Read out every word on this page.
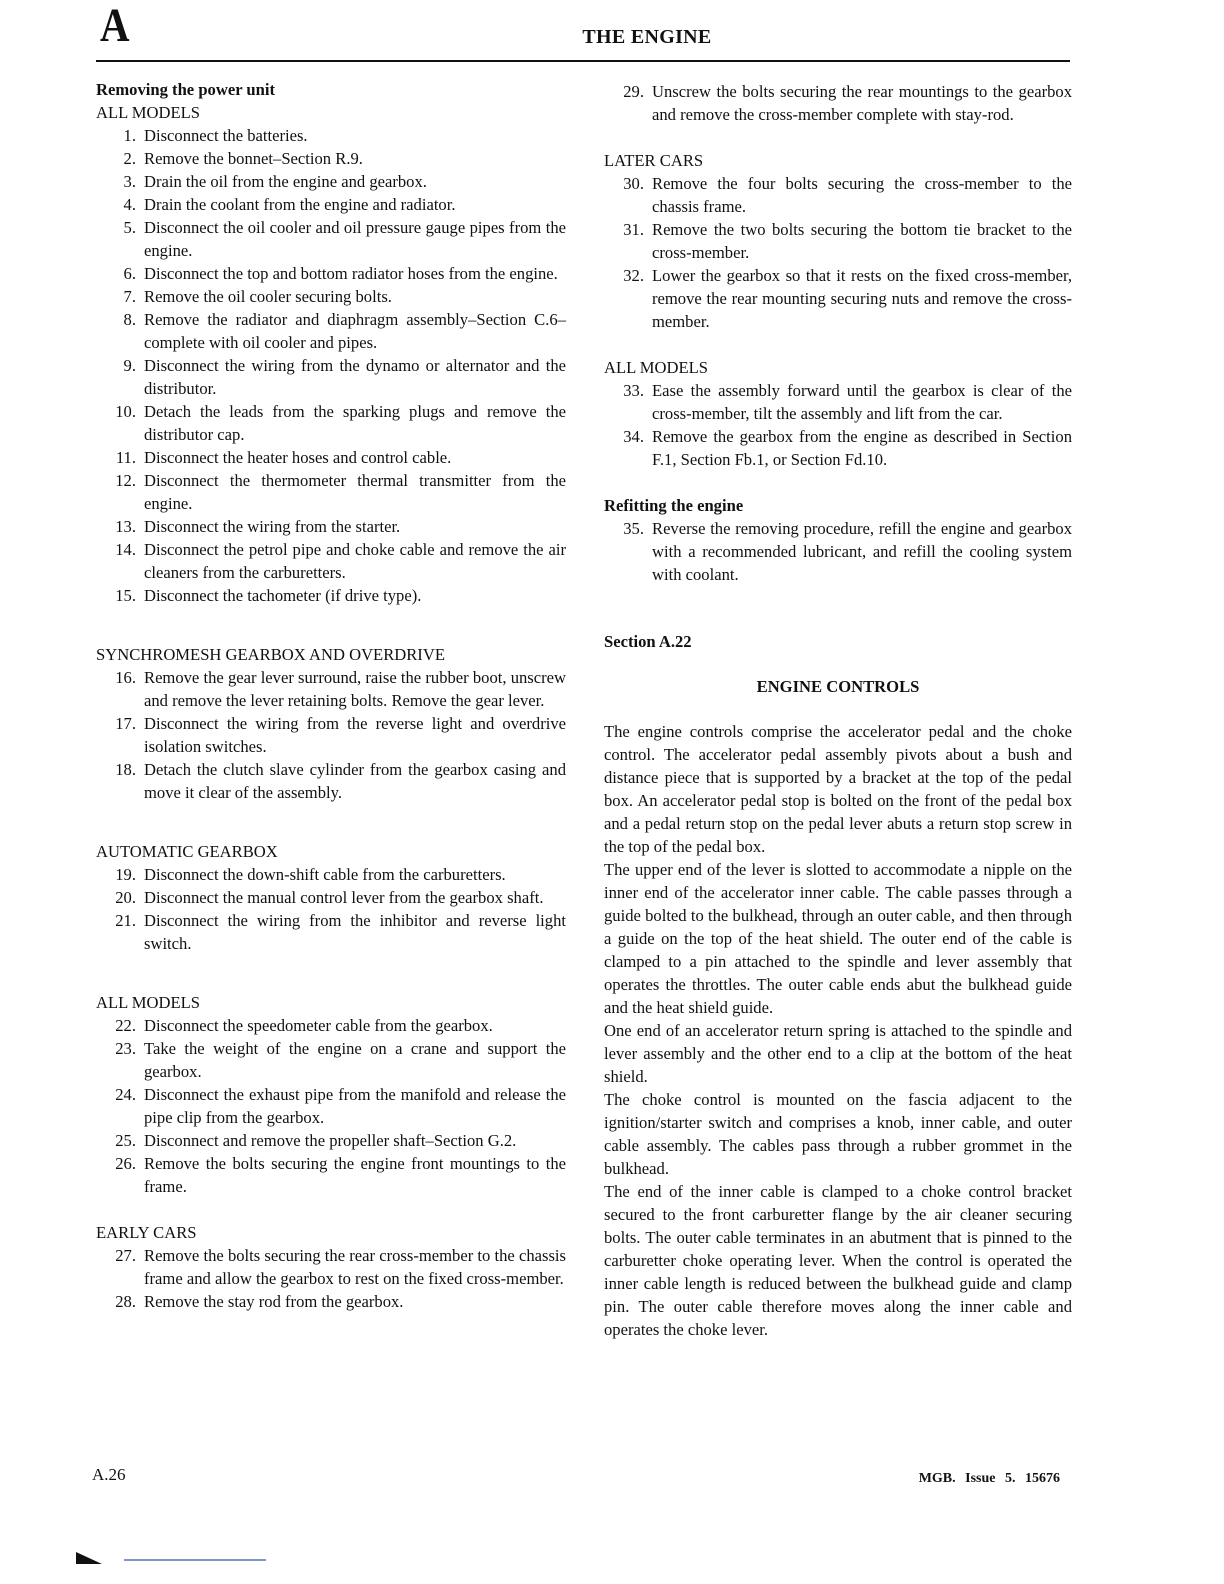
A	THE ENGINE
Removing the power unit
ALL MODELS
1. Disconnect the batteries.
2. Remove the bonnet–Section R.9.
3. Drain the oil from the engine and gearbox.
4. Drain the coolant from the engine and radiator.
5. Disconnect the oil cooler and oil pressure gauge pipes from the engine.
6. Disconnect the top and bottom radiator hoses from the engine.
7. Remove the oil cooler securing bolts.
8. Remove the radiator and diaphragm assembly–Section C.6–complete with oil cooler and pipes.
9. Disconnect the wiring from the dynamo or alternator and the distributor.
10. Detach the leads from the sparking plugs and remove the distributor cap.
11. Disconnect the heater hoses and control cable.
12. Disconnect the thermometer thermal transmitter from the engine.
13. Disconnect the wiring from the starter.
14. Disconnect the petrol pipe and choke cable and remove the air cleaners from the carburetters.
15. Disconnect the tachometer (if drive type).
SYNCHROMESH GEARBOX AND OVERDRIVE
16. Remove the gear lever surround, raise the rubber boot, unscrew and remove the lever retaining bolts. Remove the gear lever.
17. Disconnect the wiring from the reverse light and overdrive isolation switches.
18. Detach the clutch slave cylinder from the gearbox casing and move it clear of the assembly.
AUTOMATIC GEARBOX
19. Disconnect the down-shift cable from the carburetters.
20. Disconnect the manual control lever from the gearbox shaft.
21. Disconnect the wiring from the inhibitor and reverse light switch.
ALL MODELS
22. Disconnect the speedometer cable from the gearbox.
23. Take the weight of the engine on a crane and support the gearbox.
24. Disconnect the exhaust pipe from the manifold and release the pipe clip from the gearbox.
25. Disconnect and remove the propeller shaft–Section G.2.
26. Remove the bolts securing the engine front mountings to the frame.
EARLY CARS
27. Remove the bolts securing the rear cross-member to the chassis frame and allow the gearbox to rest on the fixed cross-member.
28. Remove the stay rod from the gearbox.
29. Unscrew the bolts securing the rear mountings to the gearbox and remove the cross-member complete with stay-rod.
LATER CARS
30. Remove the four bolts securing the cross-member to the chassis frame.
31. Remove the two bolts securing the bottom tie bracket to the cross-member.
32. Lower the gearbox so that it rests on the fixed cross-member, remove the rear mounting securing nuts and remove the cross-member.
ALL MODELS
33. Ease the assembly forward until the gearbox is clear of the cross-member, tilt the assembly and lift from the car.
34. Remove the gearbox from the engine as described in Section F.1, Section Fb.1, or Section Fd.10.
Refitting the engine
35. Reverse the removing procedure, refill the engine and gearbox with a recommended lubricant, and refill the cooling system with coolant.
Section A.22
ENGINE CONTROLS

The engine controls comprise the accelerator pedal and the choke control. The accelerator pedal assembly pivots about a bush and distance piece that is supported by a bracket at the top of the pedal box. An accelerator pedal stop is bolted on the front of the pedal box and a pedal return stop on the pedal lever abuts a return stop screw in the top of the pedal box.

The upper end of the lever is slotted to accommodate a nipple on the inner end of the accelerator inner cable. The cable passes through a guide bolted to the bulkhead, through an outer cable, and then through a guide on the top of the heat shield. The outer end of the cable is clamped to a pin attached to the spindle and lever assembly that operates the throttles. The outer cable ends abut the bulkhead guide and the heat shield guide.

One end of an accelerator return spring is attached to the spindle and lever assembly and the other end to a clip at the bottom of the heat shield.

The choke control is mounted on the fascia adjacent to the ignition/starter switch and comprises a knob, inner cable, and outer cable assembly. The cables pass through a rubber grommet in the bulkhead.

The end of the inner cable is clamped to a choke control bracket secured to the front carburetter flange by the air cleaner securing bolts. The outer cable terminates in an abutment that is pinned to the carburetter choke operating lever. When the control is operated the inner cable length is reduced between the bulkhead guide and clamp pin. The outer cable therefore moves along the inner cable and operates the choke lever.

A.26	MGB. Issue 5. 15676
